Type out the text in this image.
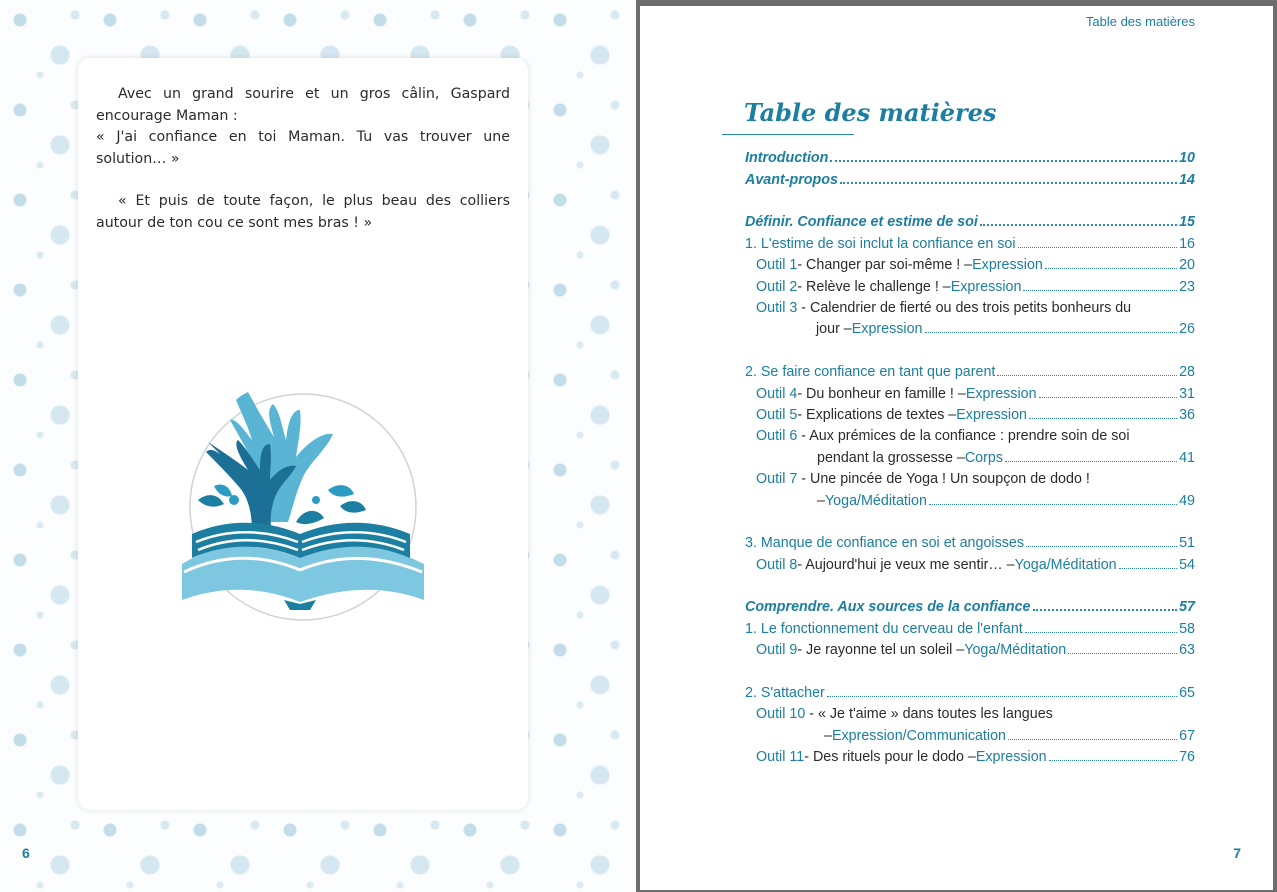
Avec un grand sourire et un gros câlin, Gaspard encourage Maman :

« J'ai confiance en toi Maman. Tu vas trouver une solution… »

« Et puis de toute façon, le plus beau des colliers autour de ton cou ce sont mes bras ! »

6
Table des matières
Table des matières
Introduction	10
Avant-propos	14
Définir. Confiance et estime de soi	15
1. L'estime de soi inclut la confiance en soi	16
Outil 1 - Changer par soi-même ! – Expression	20
Outil 2 - Relève le challenge ! – Expression	23
Outil 3 - Calendrier de fierté ou des trois petits bonheurs du
jour – Expression	26
2. Se faire confiance en tant que parent	28
Outil 4 - Du bonheur en famille ! – Expression	31
Outil 5 - Explications de textes – Expression	36
Outil 6 - Aux prémices de la confiance : prendre soin de soi
pendant la grossesse – Corps	41
Outil 7 - Une pincée de Yoga ! Un soupçon de dodo !
– Yoga/Méditation	49
3. Manque de confiance en soi et angoisses	51
Outil 8 - Aujourd'hui je veux me sentir… – Yoga/Méditation	54
Comprendre. Aux sources de la confiance	57
1. Le fonctionnement du cerveau de l'enfant	58
Outil 9 - Je rayonne tel un soleil – Yoga/Méditation	63
2. S'attacher	65
Outil 10 - « Je t'aime » dans toutes les langues
– Expression/Communication	67
Outil 11 - Des rituels pour le dodo – Expression	76
7
